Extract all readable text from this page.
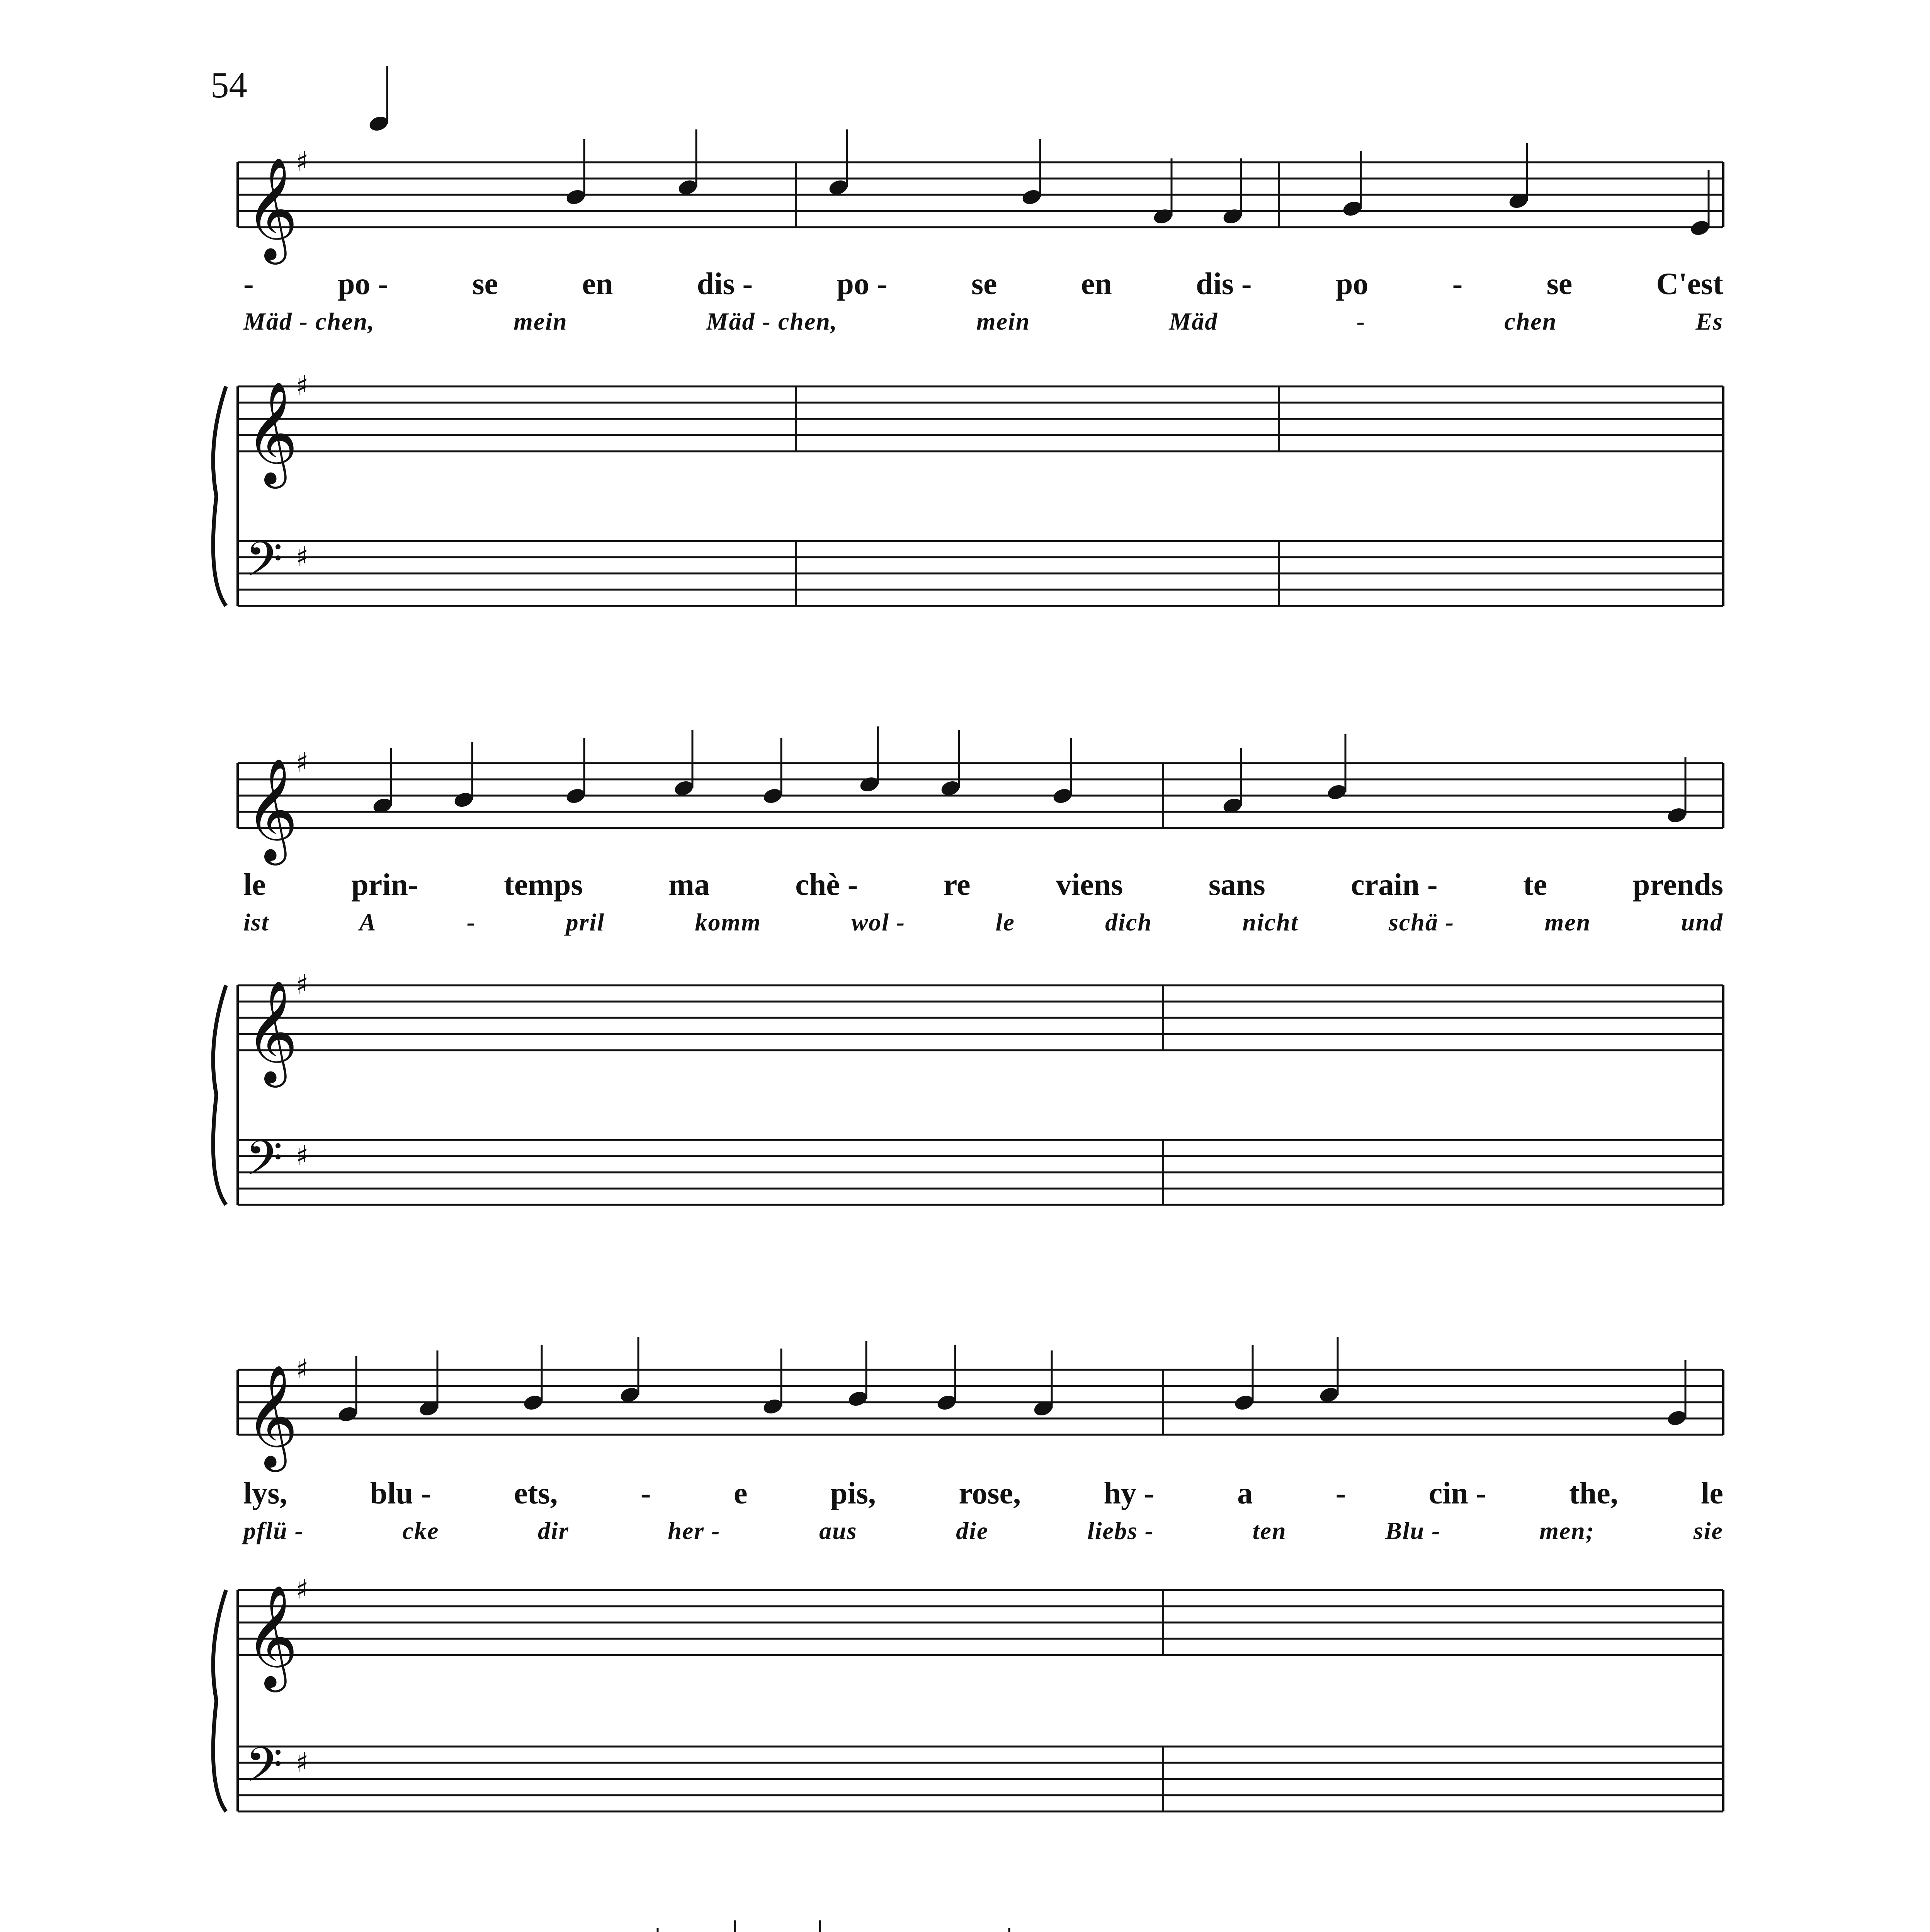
54
𝄞
♯
𝄞
♯
𝄢 ♯
𝄞
♯
𝄞
♯
𝄢 ♯
𝄞
♯
𝄞
♯
𝄢 ♯
-	po -	se	en	dis -	po -	se	en	dis -	po	-	se	C'est
Mäd - chen,	mein	Mäd - chen,	mein	Mäd	-	chen	Es
le	prin-	temps	ma	chè -	re	viens	sans	crain -	te	prends
ist	A	-	pril	komm	wol -	le	dich	nicht	schä -	men	und
lys,	blu -	ets,	-	e	pis,	rose,	hy -	a	-	cin -	the,	le
pflü -	cke	dir	her -	aus	die	liebs -	ten	Blu -	men;	sie
